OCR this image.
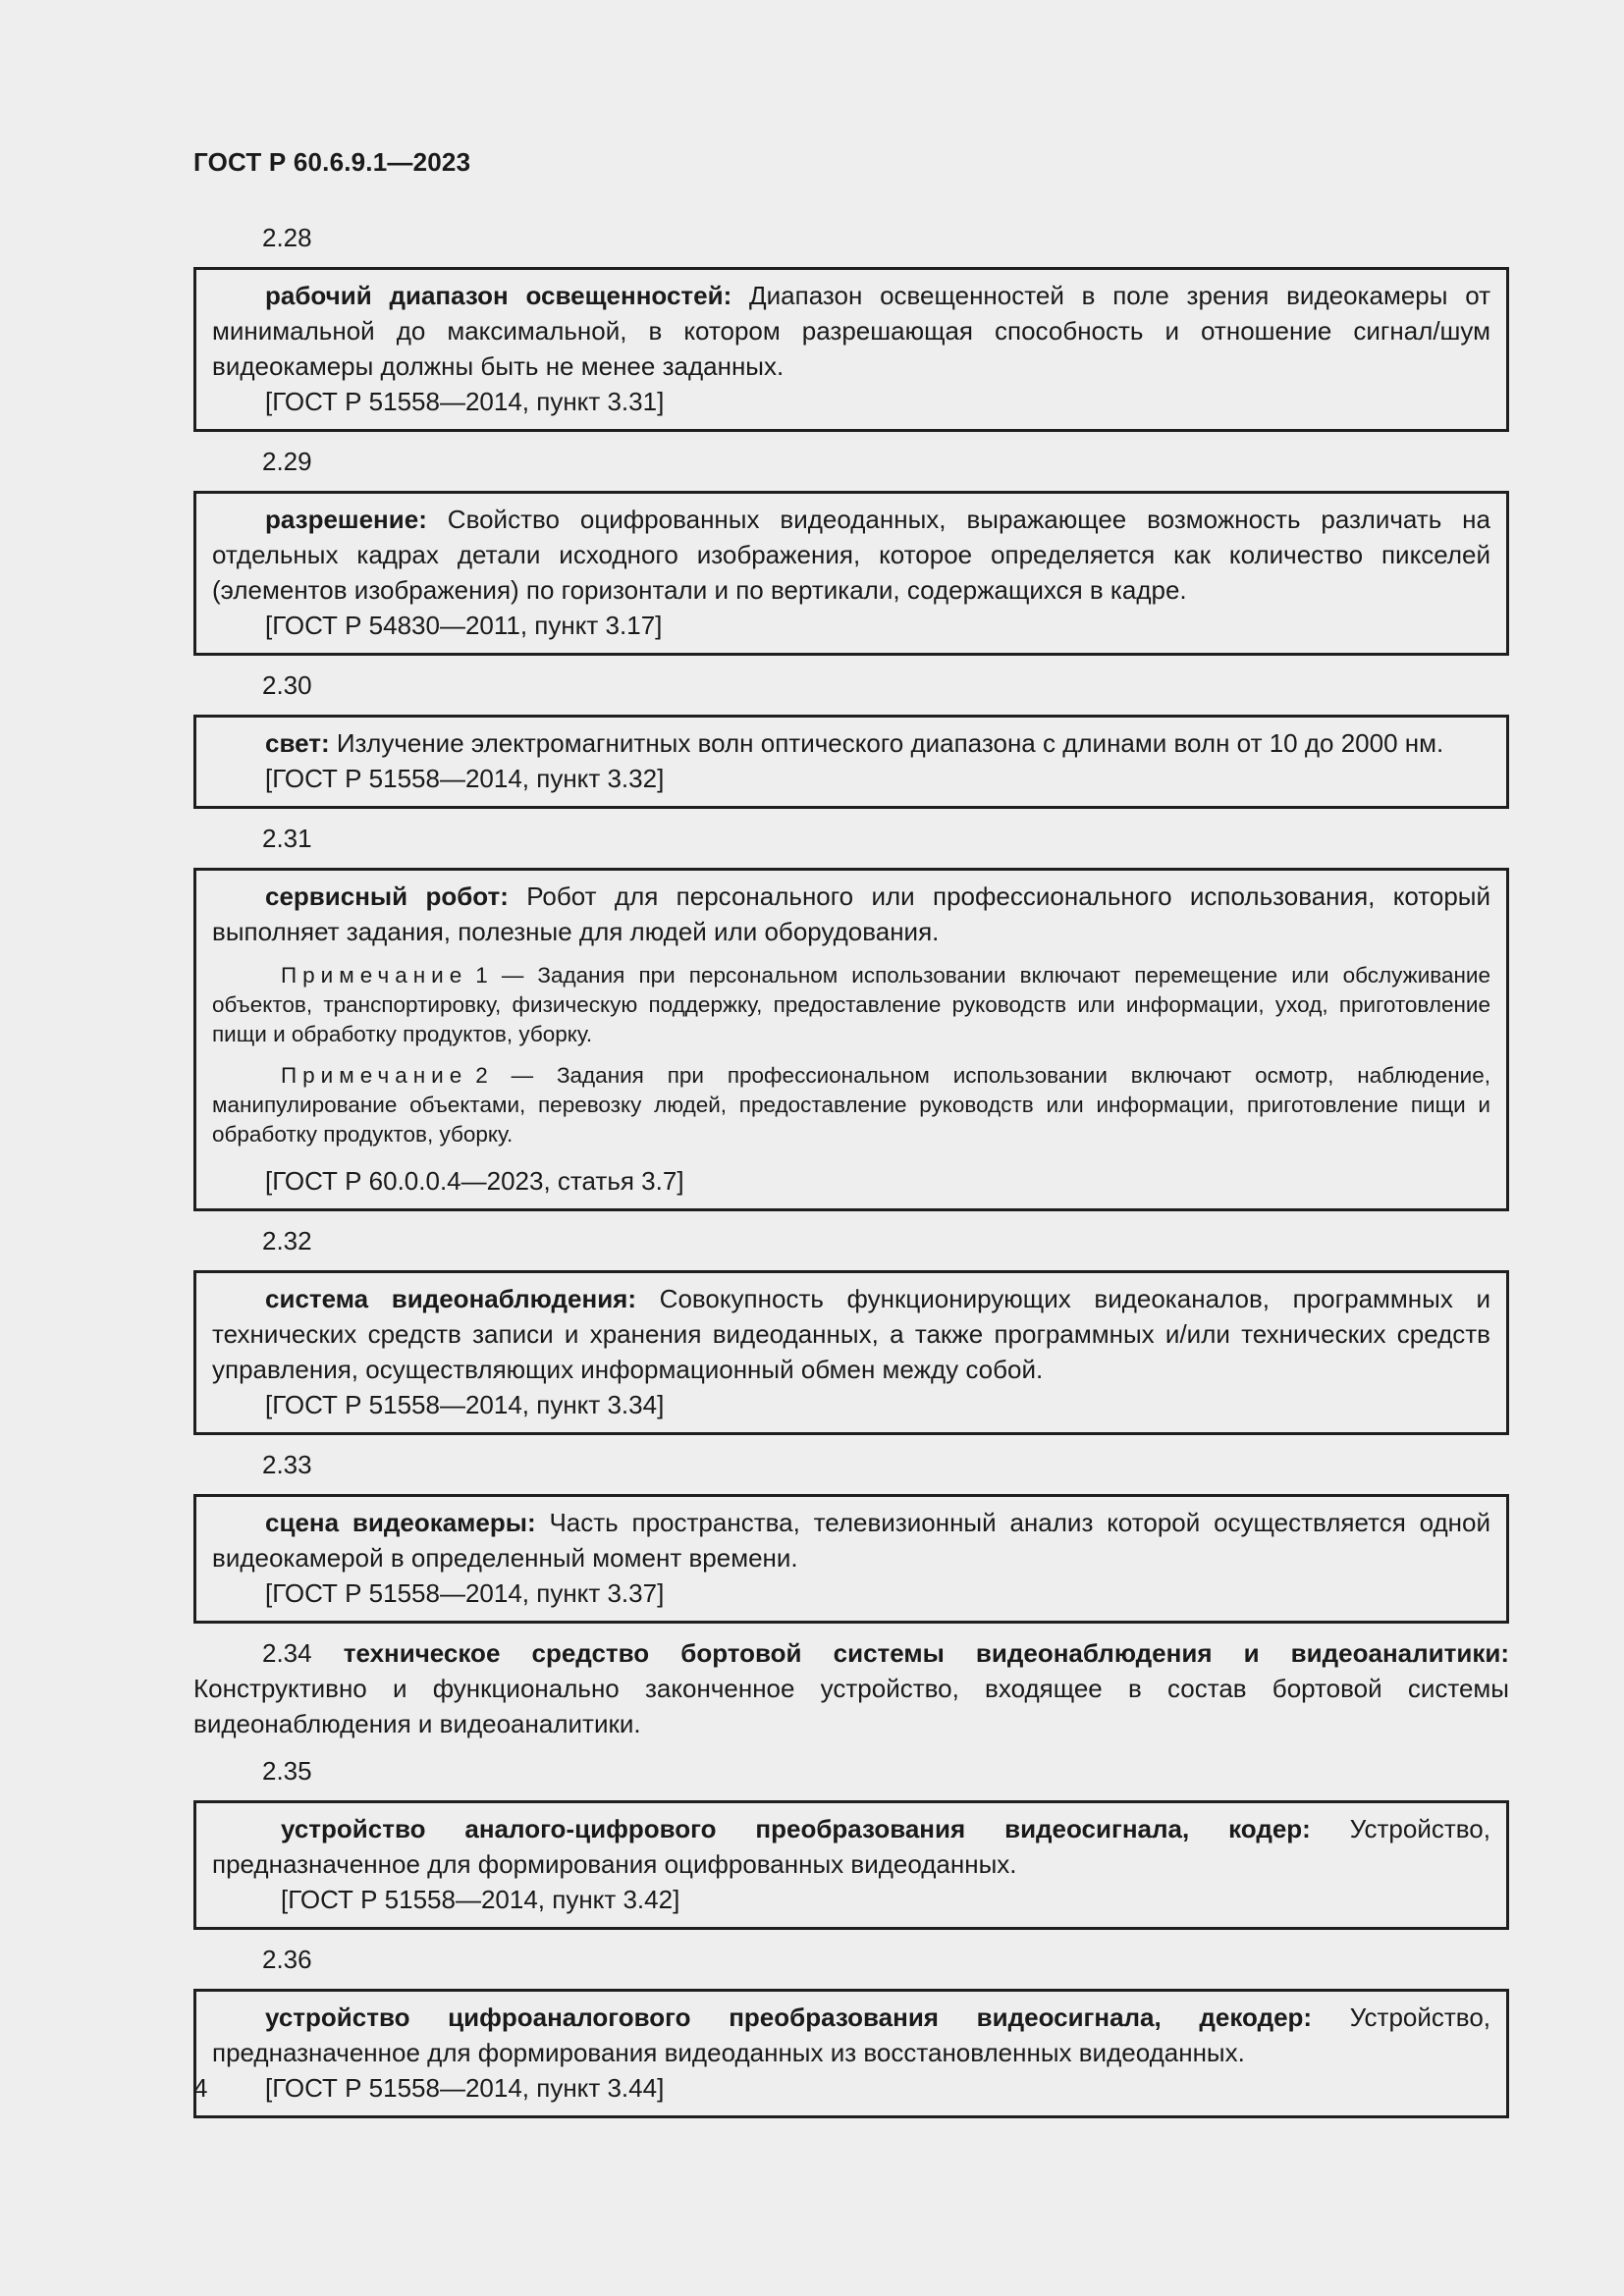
ГОСТ Р 60.6.9.1—2023
2.28

рабочий диапазон освещенностей: Диапазон освещенностей в поле зрения видеокамеры от минимальной до максимальной, в котором разрешающая способность и отношение сигнал/шум видеокамеры должны быть не менее заданных.

[ГОСТ Р 51558—2014, пункт 3.31]

2.29

разрешение: Свойство оцифрованных видеоданных, выражающее возможность различать на отдельных кадрах детали исходного изображения, которое определяется как количество пикселей (элементов изображения) по горизонтали и по вертикали, содержащихся в кадре.

[ГОСТ Р 54830—2011, пункт 3.17]

2.30

свет: Излучение электромагнитных волн оптического диапазона с длинами волн от 10 до 2000 нм.

[ГОСТ Р 51558—2014, пункт 3.32]

2.31

сервисный робот: Робот для персонального или профессионального использования, который выполняет задания, полезные для людей или оборудования.

Примечание 1 — Задания при персональном использовании включают перемещение или обслуживание объектов, транспортировку, физическую поддержку, предоставление руководств или информации, уход, приготовление пищи и обработку продуктов, уборку.

Примечание 2 — Задания при профессиональном использовании включают осмотр, наблюдение, манипулирование объектами, перевозку людей, предоставление руководств или информации, приготовление пищи и обработку продуктов, уборку.

[ГОСТ Р 60.0.0.4—2023, статья 3.7]

2.32

система видеонаблюдения: Совокупность функционирующих видеоканалов, программных и технических средств записи и хранения видеоданных, а также программных и/или технических средств управления, осуществляющих информационный обмен между собой.

[ГОСТ Р 51558—2014, пункт 3.34]

2.33

сцена видеокамеры: Часть пространства, телевизионный анализ которой осуществляется одной видеокамерой в определенный момент времени.

[ГОСТ Р 51558—2014, пункт 3.37]

2.34 техническое средство бортовой системы видеонаблюдения и видеоаналитики: Конструктивно и функционально законченное устройство, входящее в состав бортовой системы видеонаблюдения и видеоаналитики.

2.35

устройство аналого-цифрового преобразования видеосигнала, кодер: Устройство, предназначенное для формирования оцифрованных видеоданных.

[ГОСТ Р 51558—2014, пункт 3.42]

2.36

устройство цифроаналогового преобразования видеосигнала, декодер: Устройство, предназначенное для формирования видеоданных из восстановленных видеоданных.

[ГОСТ Р 51558—2014, пункт 3.44]

4
